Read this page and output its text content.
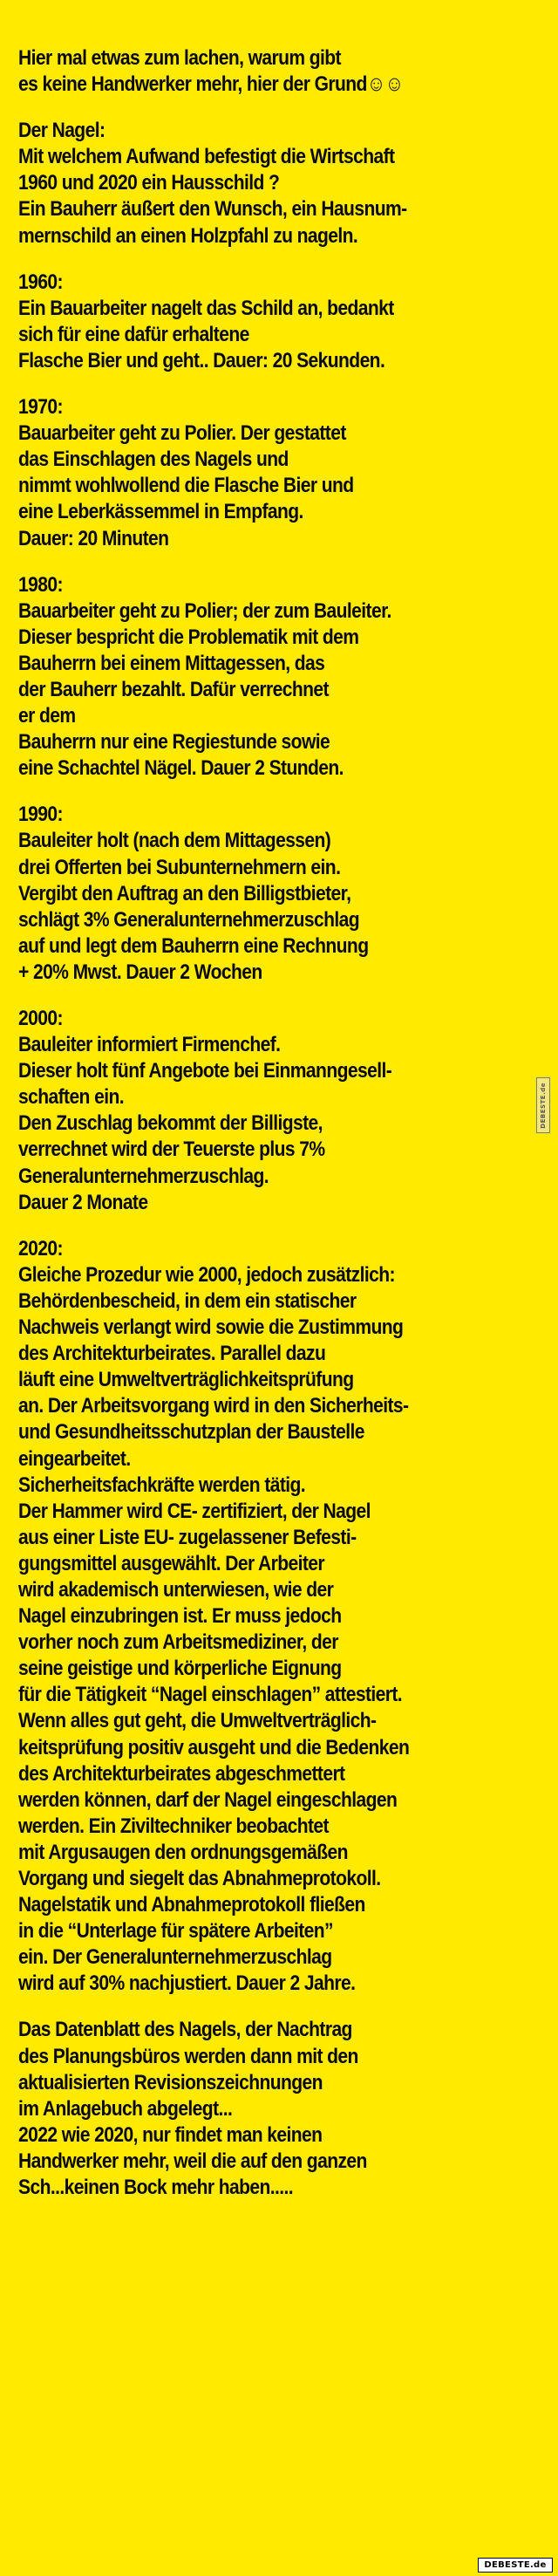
Hier mal etwas zum lachen, warum gibt
es keine Handwerker mehr, hier der Grund☺☺
Der Nagel:
Mit welchem Aufwand befestigt die Wirtschaft
1960 und 2020 ein Hausschild ?
Ein Bauherr äußert den Wunsch, ein Hausnum-
mernschild an einen Holzpfahl zu nageln.
1960:
Ein Bauarbeiter nagelt das Schild an, bedankt
sich für eine dafür erhaltene
Flasche Bier und geht.. Dauer: 20 Sekunden.
1970:
Bauarbeiter geht zu Polier. Der gestattet
das Einschlagen des Nagels und
nimmt wohlwollend die Flasche Bier und
eine Leberkässemmel in Empfang.
Dauer: 20 Minuten
1980:
Bauarbeiter geht zu Polier; der zum Bauleiter.
Dieser bespricht die Problematik mit dem
Bauherrn bei einem Mittagessen, das
der Bauherr bezahlt. Dafür verrechnet
er dem
Bauherrn nur eine Regiestunde sowie
eine Schachtel Nägel. Dauer 2 Stunden.
1990:
Bauleiter holt (nach dem Mittagessen)
drei Offerten bei Subunternehmern ein.
Vergibt den Auftrag an den Billigstbieter,
schlägt 3% Generalunternehmerzuschlag
auf und legt dem Bauherrn eine Rechnung
+ 20% Mwst. Dauer 2 Wochen
2000:
Bauleiter informiert Firmenchef.
Dieser holt fünf Angebote bei Einmanngesell-
schaften ein.
Den Zuschlag bekommt der Billigste,
verrechnet wird der Teuerste plus 7%
Generalunternehmerzuschlag.
Dauer 2 Monate
2020:
Gleiche Prozedur wie 2000, jedoch zusätzlich:
Behördenbescheid, in dem ein statischer
Nachweis verlangt wird sowie die Zustimmung
des Architekturbeirates. Parallel dazu
läuft eine Umweltverträglichkeitsprüfung
an. Der Arbeitsvorgang wird in den Sicherheits-
und Gesundheitsschutzplan der Baustelle
eingearbeitet.
Sicherheitsfachkräfte werden tätig.
Der Hammer wird CE- zertifiziert, der Nagel
aus einer Liste EU- zugelassener Befesti-
gungsmittel ausgewählt. Der Arbeiter
wird akademisch unterwiesen, wie der
Nagel einzubringen ist. Er muss jedoch
vorher noch zum Arbeitsmediziner, der
seine geistige und körperliche Eignung
für die Tätigkeit “Nagel einschlagen” attestiert.
Wenn alles gut geht, die Umweltverträglich-
keitsprüfung positiv ausgeht und die Bedenken
des Architekturbeirates abgeschmettert
werden können, darf der Nagel eingeschlagen
werden. Ein Ziviltechniker beobachtet
mit Argusaugen den ordnungsgemäßen
Vorgang und siegelt das Abnahmeprotokoll.
Nagelstatik und Abnahmeprotokoll fließen
in die “Unterlage für spätere Arbeiten”
ein. Der Generalunternehmerzuschlag
wird auf 30% nachjustiert. Dauer 2 Jahre.
Das Datenblatt des Nagels, der Nachtrag
des Planungsbüros werden dann mit den
aktualisierten Revisionszeichnungen
im Anlagebuch abgelegt...
2022 wie 2020, nur findet man keinen
Handwerker mehr, weil die auf den ganzen
Sch...keinen Bock mehr haben.....
DEBESTE.de
DEBESTE.de
